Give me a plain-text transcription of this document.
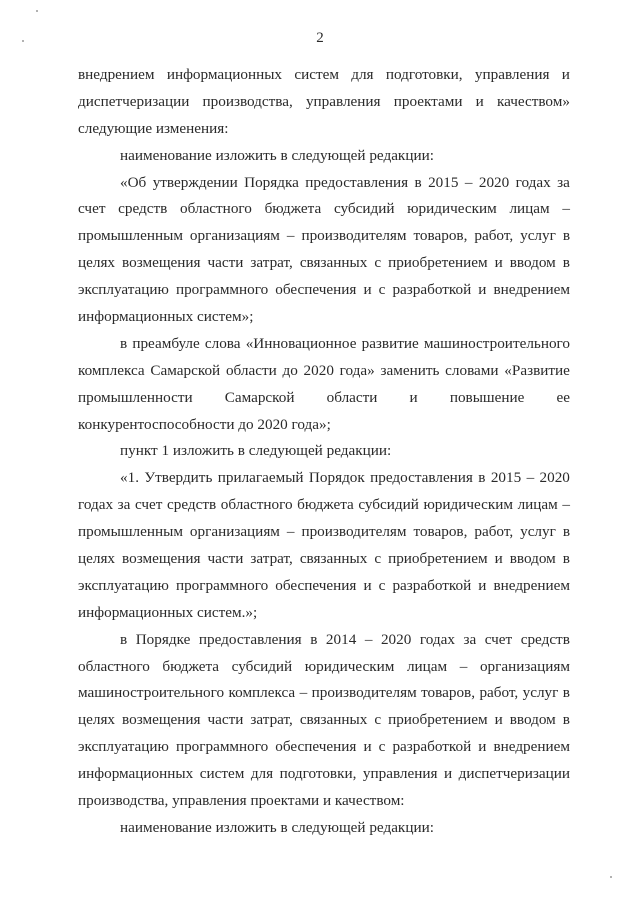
2
внедрением информационных систем для подготовки, управления и
диспетчеризации производства, управления проектами и качеством»
следующие изменения:
наименование изложить в следующей редакции:
«Об утверждении Порядка предоставления в 2015 – 2020 годах за
счет средств областного бюджета субсидий юридическим лицам –
промышленным организациям – производителям товаров, работ, услуг в
целях возмещения части затрат, связанных с приобретением и вводом в
эксплуатацию программного обеспечения и с разработкой и внедрением
информационных систем»;
в преамбуле слова «Инновационное развитие машиностроительного
комплекса Самарской области до 2020 года» заменить словами «Развитие
промышленности Самарской области и повышение ее
конкурентоспособности до 2020 года»;
пункт 1 изложить в следующей редакции:
«1. Утвердить прилагаемый Порядок предоставления в 2015 – 2020
годах за счет средств областного бюджета субсидий юридическим лицам –
промышленным организациям – производителям товаров, работ, услуг в
целях возмещения части затрат, связанных с приобретением и вводом в
эксплуатацию программного обеспечения и с разработкой и внедрением
информационных систем.»;
в Порядке предоставления в 2014 – 2020 годах за счет средств
областного бюджета субсидий юридическим лицам – организациям
машиностроительного комплекса – производителям товаров, работ, услуг в
целях возмещения части затрат, связанных с приобретением и вводом в
эксплуатацию программного обеспечения и с разработкой и внедрением
информационных систем для подготовки, управления и диспетчеризации
производства, управления проектами и качеством:
наименование изложить в следующей редакции:
